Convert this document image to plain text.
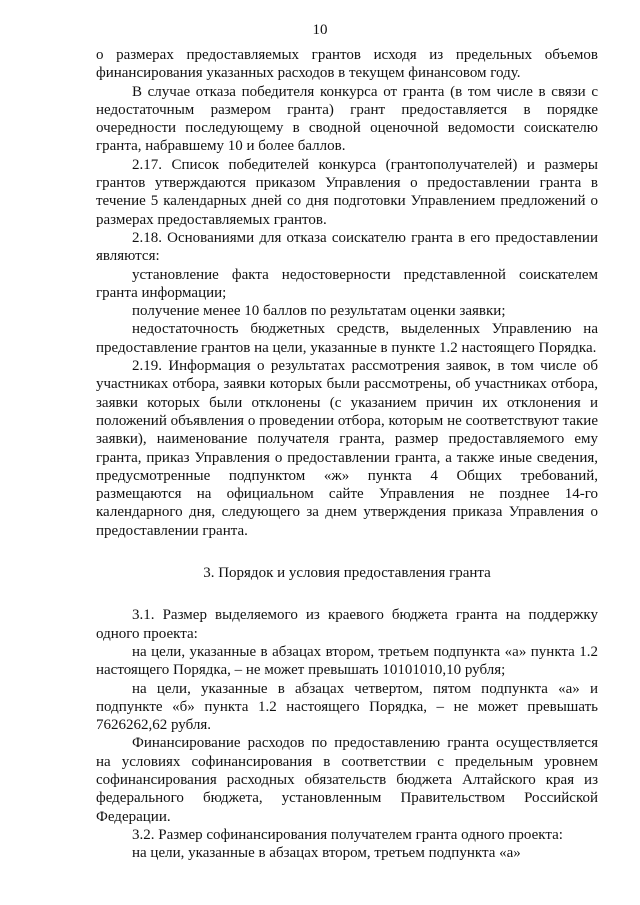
10

о размерах предоставляемых грантов исходя из предельных объемов финансирования указанных расходов в текущем финансовом году.

В случае отказа победителя конкурса от гранта (в том числе в связи с недостаточным размером гранта) грант предоставляется в порядке очередности последующему в сводной оценочной ведомости соискателю гранта, набравшему 10 и более баллов.

2.17. Список победителей конкурса (грантополучателей) и размеры грантов утверждаются приказом Управления о предоставлении гранта в течение 5 календарных дней со дня подготовки Управлением предложений о размерах предоставляемых грантов.

2.18. Основаниями для отказа соискателю гранта в его предоставлении являются:

установление факта недостоверности представленной соискателем гранта информации;

получение менее 10 баллов по результатам оценки заявки;

недостаточность бюджетных средств, выделенных Управлению на предоставление грантов на цели, указанные в пункте 1.2 настоящего Порядка.

2.19. Информация о результатах рассмотрения заявок, в том числе об участниках отбора, заявки которых были рассмотрены, об участниках отбора, заявки которых были отклонены (с указанием причин их отклонения и положений объявления о проведении отбора, которым не соответствуют такие заявки), наименование получателя гранта, размер предоставляемого ему гранта, приказ Управления о предоставлении гранта, а также иные сведения, предусмотренные подпунктом «ж» пункта 4 Общих требований, размещаются на официальном сайте Управления не позднее 14-го календарного дня, следующего за днем утверждения приказа Управления о предоставлении гранта.

3. Порядок и условия предоставления гранта

3.1. Размер выделяемого из краевого бюджета гранта на поддержку одного проекта:

на цели, указанные в абзацах втором, третьем подпункта «а» пункта 1.2 настоящего Порядка, – не может превышать 10101010,10 рубля;

на цели, указанные в абзацах четвертом, пятом подпункта «а» и подпункте «б» пункта 1.2 настоящего Порядка, – не может превышать 7626262,62 рубля.

Финансирование расходов по предоставлению гранта осуществляется на условиях софинансирования в соответствии с предельным уровнем софинансирования расходных обязательств бюджета Алтайского края из федерального бюджета, установленным Правительством Российской Федерации.

3.2. Размер софинансирования получателем гранта одного проекта:

на цели, указанные в абзацах втором, третьем подпункта «а»
